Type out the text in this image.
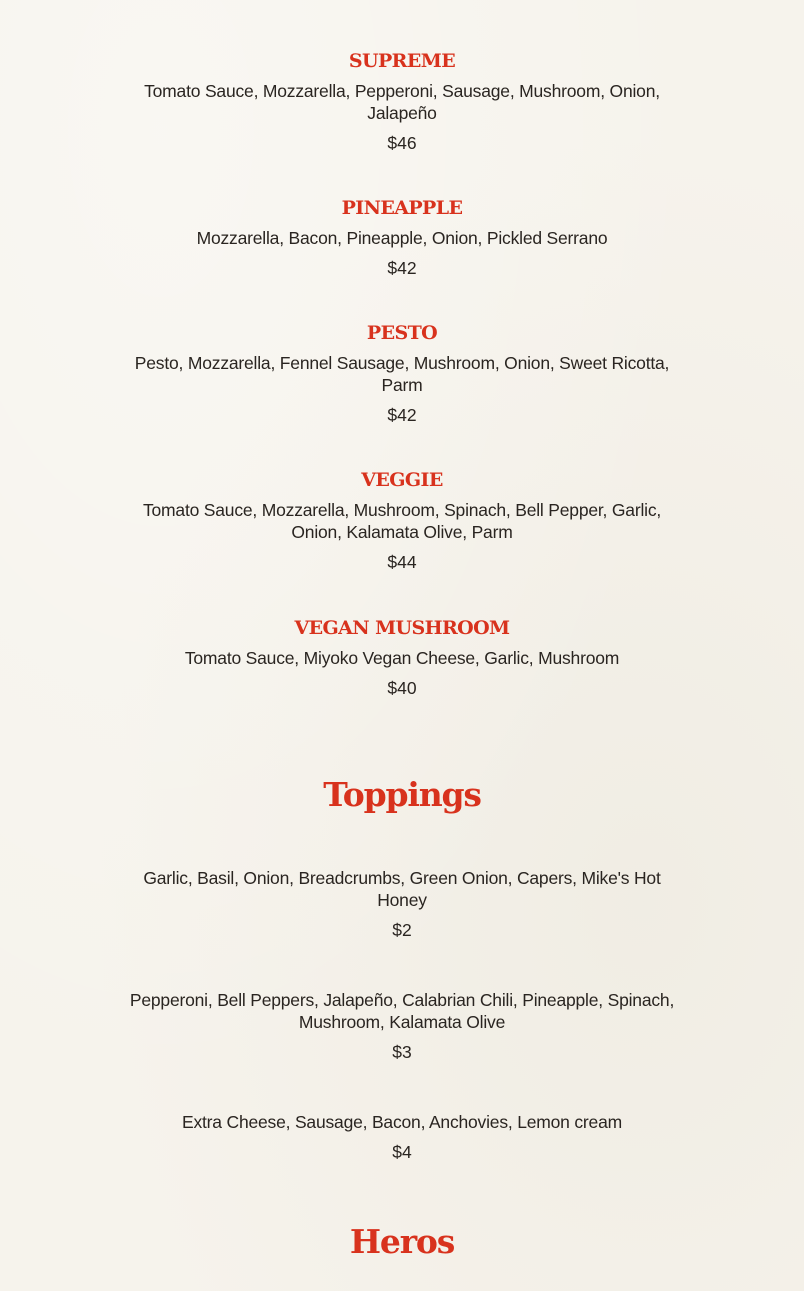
SUPREME
Tomato Sauce, Mozzarella, Pepperoni, Sausage, Mushroom, Onion, Jalapeño
$46
PINEAPPLE
Mozzarella, Bacon, Pineapple, Onion, Pickled Serrano
$42
PESTO
Pesto, Mozzarella, Fennel Sausage, Mushroom, Onion, Sweet Ricotta, Parm
$42
VEGGIE
Tomato Sauce, Mozzarella, Mushroom, Spinach, Bell Pepper, Garlic, Onion, Kalamata Olive, Parm
$44
VEGAN MUSHROOM
Tomato Sauce, Miyoko Vegan Cheese, Garlic, Mushroom
$40
Toppings
Garlic, Basil, Onion, Breadcrumbs, Green Onion, Capers, Mike's Hot Honey
$2
Pepperoni, Bell Peppers, Jalapeño, Calabrian Chili, Pineapple, Spinach, Mushroom, Kalamata Olive
$3
Extra Cheese, Sausage, Bacon, Anchovies, Lemon cream
$4
Heros
